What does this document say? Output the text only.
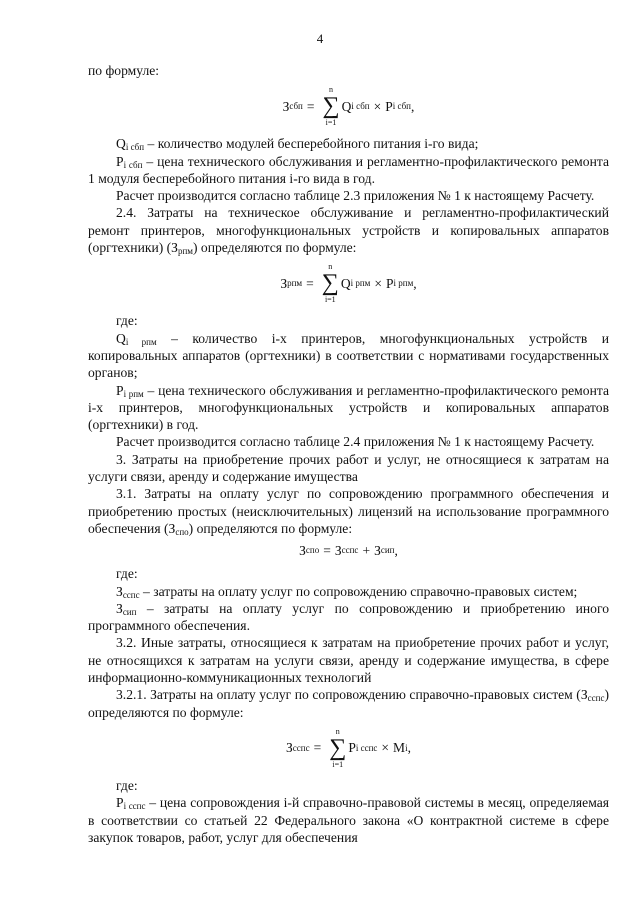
4

по формуле:

З сбп =
n
∑
i=1
Q i сбп × P i сбп ,

$Q_{i сбп}$ – количество модулей бесперебойного питания i-го вида;

$P_{i сбп}$ – цена технического обслуживания и регламентно-профилактического ремонта 1 модуля бесперебойного питания i-го вида в год.

Расчет производится согласно таблице 2.3 приложения № 1 к настоящему Расчету.

2.4. Затраты на техническое обслуживание и регламентно-профилактический ремонт принтеров, многофункциональных устройств и копировальных аппаратов (оргтехники) $(З_{рпм})$ определяются по формуле:

З рпм =
n
∑
i=1
Q i рпм × P i рпм ,

где:

$Q_{i рпм}$ – количество i-х принтеров, многофункциональных устройств и копировальных аппаратов (оргтехники) в соответствии с нормативами государственных органов;

$P_{i рпм}$ – цена технического обслуживания и регламентно-профилактического ремонта i-х принтеров, многофункциональных устройств и копировальных аппаратов (оргтехники) в год.

Расчет производится согласно таблице 2.4 приложения № 1 к настоящему Расчету.

3. Затраты на приобретение прочих работ и услуг, не относящиеся к затратам на услуги связи, аренду и содержание имущества

3.1. Затраты на оплату услуг по сопровождению программного обеспечения и приобретению простых (неисключительных) лицензий на использование программного обеспечения $(З_{спо})$ определяются по формуле:

З спо = З сспс + З сип ,

где:

$З_{сспс}$ – затраты на оплату услуг по сопровождению справочно-правовых систем;

$З_{сип}$ – затраты на оплату услуг по сопровождению и приобретению иного программного обеспечения.

3.2. Иные затраты, относящиеся к затратам на приобретение прочих работ и услуг, не относящихся к затратам на услуги связи, аренду и содержание имущества, в сфере информационно-коммуникационных технологий

3.2.1. Затраты на оплату услуг по сопровождению справочно-правовых систем $(З_{сспс})$ определяются по формуле:

З сспс =
n
∑
i=1
P i сспс × M i ,

где:

$P_{i сспс}$ – цена сопровождения i-й справочно-правовой системы в месяц, определяемая в соответствии со статьей 22 Федерального закона «О контрактной системе в сфере закупок товаров, работ, услуг для обеспечения
